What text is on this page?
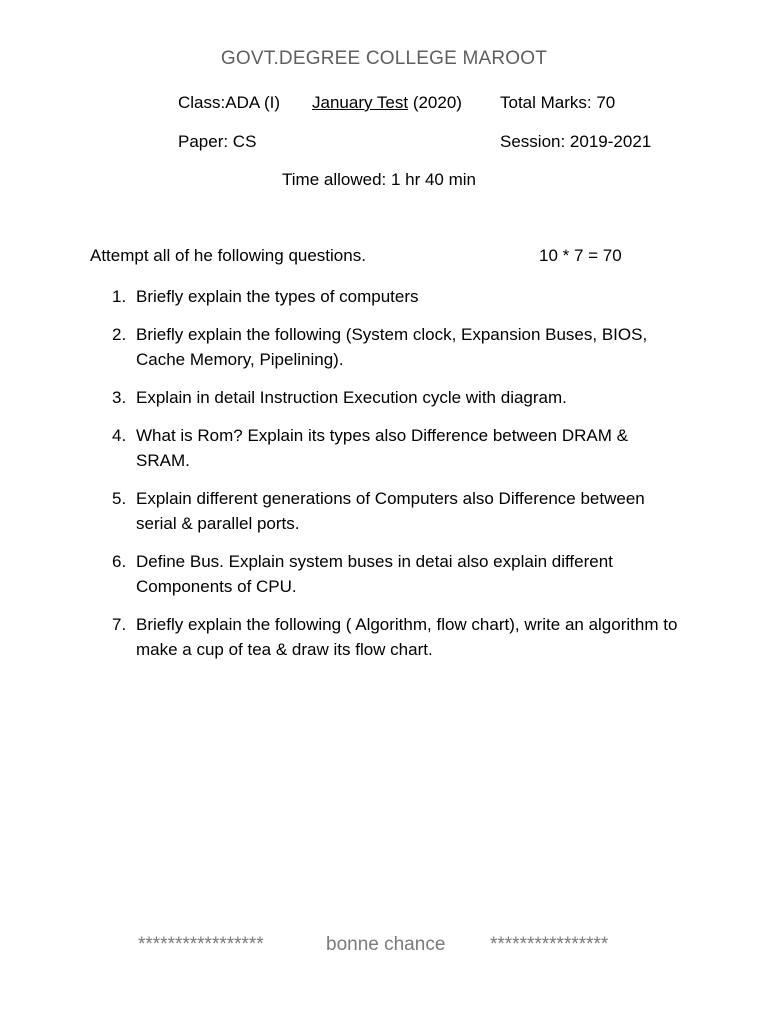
GOVT.DEGREE COLLEGE MAROOT
Class:ADA (I) January Test (2020) Total Marks: 70
Paper: CS	Session: 2019-2021
Time allowed: 1 hr 40 min
Attempt all of he following questions.	10 * 7 = 70
1. Briefly explain the types of computers
2. Briefly explain the following (System clock, Expansion Buses, BIOS, Cache Memory, Pipelining).
3. Explain in detail Instruction Execution cycle with diagram.
4. What is Rom? Explain its types also Difference between DRAM & SRAM.
5. Explain different generations of Computers also Difference between serial & parallel ports.
6. Define Bus. Explain system buses in detai also explain different Components of CPU.
7. Briefly explain the following ( Algorithm, flow chart), write an algorithm to make a cup of tea & draw its flow chart.
*****************	bonne chance ****************
